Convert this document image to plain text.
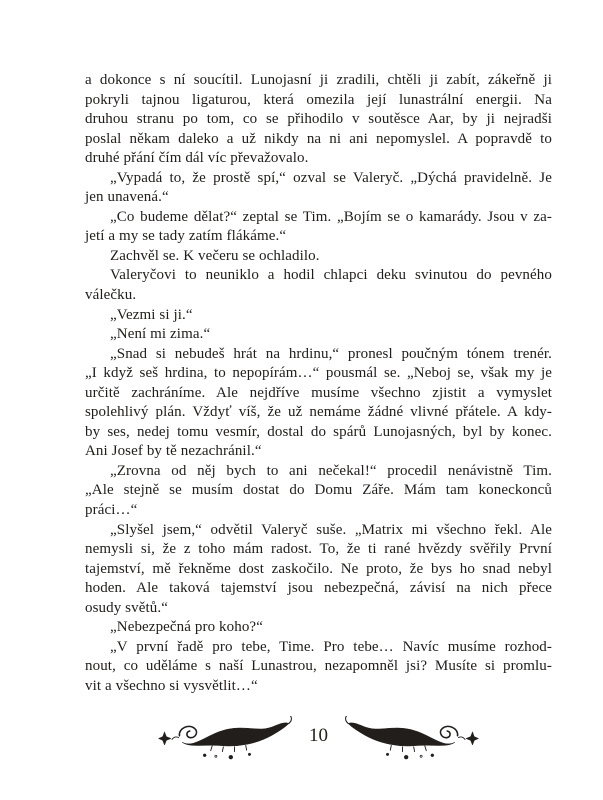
a dokonce s ní soucítil. Lunojasní ji zradili, chtěli ji zabít, zákeřně ji
pokryli tajnou ligaturou, která omezila její lunastrální energii. Na
druhou stranu po tom, co se přihodilo v soutěsce Aar, by ji nejradši
poslal někam daleko a už nikdy na ni ani nepomyslel. A popravdě to
druhé přání čím dál víc převažovalo.
„Vypadá to, že prostě spí,“ ozval se Valeryč. „Dýchá pravidelně. Je
jen unavená.“
„Co budeme dělat?“ zeptal se Tim. „Bojím se o kamarády. Jsou v za-
jetí a my se tady zatím flákáme.“
Zachvěl se. K večeru se ochladilo.
Valeryčovi to neuniklo a hodil chlapci deku svinutou do pevného
válečku.
„Vezmi si ji.“
„Není mi zima.“
„Snad si nebudeš hrát na hrdinu,“ pronesl poučným tónem trenér.
„I když seš hrdina, to nepopírám…“ pousmál se. „Neboj se, však my je
určitě zachráníme. Ale nejdříve musíme všechno zjistit a vymyslet
spolehlivý plán. Vždyť víš, že už nemáme žádné vlivné přátele. A kdy-
by ses, nedej tomu vesmír, dostal do spárů Lunojasných, byl by konec.
Ani Josef by tě nezachránil.“
„Zrovna od něj bych to ani nečekal!“ procedil nenávistně Tim.
„Ale stejně se musím dostat do Domu Záře. Mám tam koneckonců
práci…“
„Slyšel jsem,“ odvětil Valeryč suše. „Matrix mi všechno řekl. Ale
nemysli si, že z toho mám radost. To, že ti rané hvězdy svěřily První
tajemství, mě řekněme dost zaskočilo. Ne proto, že bys ho snad nebyl
hoden. Ale taková tajemství jsou nebezpečná, závisí na nich přece
osudy světů.“
„Nebezpečná pro koho?“
„V první řadě pro tebe, Time. Pro tebe… Navíc musíme rozhod-
nout, co uděláme s naší Lunastrou, nezapomněl jsi? Musíte si promlu-
vit a všechno si vysvětlit…“
10
